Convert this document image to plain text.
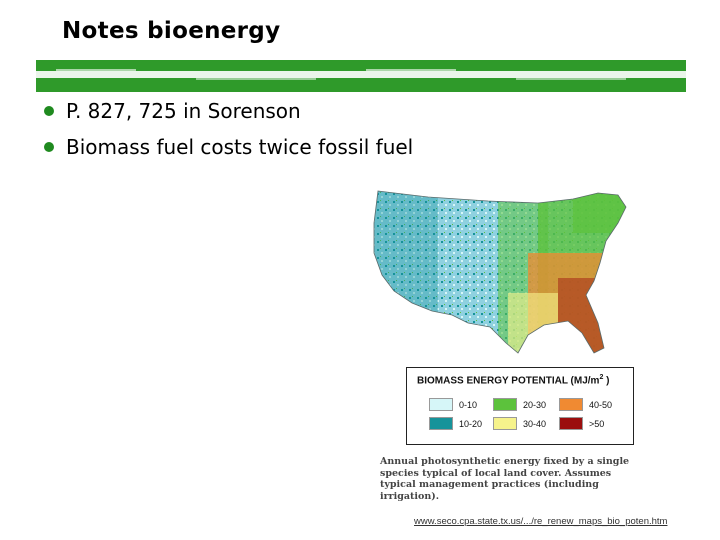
Notes bioenergy
P. 827, 725 in Sorenson
Biomass fuel costs twice fossil fuel
BIOMASS ENERGY POTENTIAL ($MJ/m^2$ )
0-10
10-20
20-30
30-40
40-50
>50
Annual photosynthetic energy fixed by a single species typical of local land cover. Assumes typical management practices (including irrigation).
www.seco.cpa.state.tx.us/.../re_renew_maps_bio_poten.htm
